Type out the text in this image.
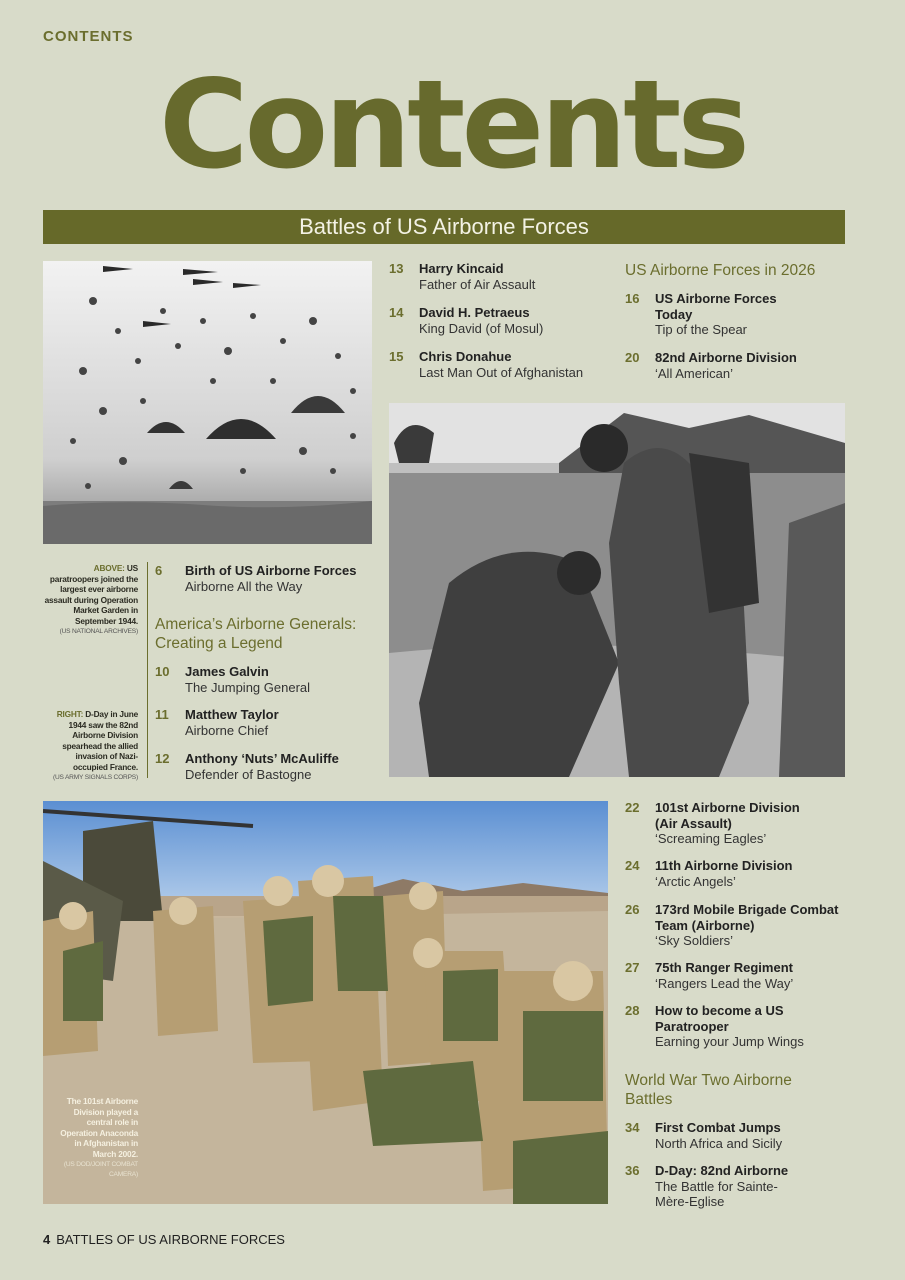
CONTENTS
Contents
Battles of US Airborne Forces
ABOVE: US paratroopers joined the largest ever airborne assault during Operation Market Garden in September 1944.
(US NATIONAL ARCHIVES)
RIGHT: D-Day in June 1944 saw the 82nd Airborne Division spearhead the allied invasion of Nazi-occupied France.
(US ARMY SIGNALS CORPS)
The 101st Airborne Division played a central role in Operation Anaconda in Afghanistan in March 2002.
(US DOD/JOINT COMBAT CAMERA)
6	Birth of US Airborne Forces
Airborne All the Way
America’s Airborne Generals: Creating a Legend
10	James Galvin
The Jumping General
11	Matthew Taylor
Airborne Chief
12	Anthony ‘Nuts’ McAuliffe
Defender of Bastogne
13	Harry Kincaid
Father of Air Assault
14	David H. Petraeus
King David (of Mosul)
15	Chris Donahue
Last Man Out of Afghanistan
US Airborne Forces in 2026
16	US Airborne Forces Today
Tip of the Spear
20	82nd Airborne Division
‘All American’
22	101st Airborne Division (Air Assault)
‘Screaming Eagles’
24	11th Airborne Division
‘Arctic Angels’
26	173rd Mobile Brigade Combat Team (Airborne)
‘Sky Soldiers’
27	75th Ranger Regiment
‘Rangers Lead the Way’
28	How to become a US Paratrooper
Earning your Jump Wings
World War Two Airborne Battles
34	First Combat Jumps
North Africa and Sicily
36	D-Day: 82nd Airborne
The Battle for Sainte-Mère-Eglise
4 BATTLES OF US AIRBORNE FORCES
